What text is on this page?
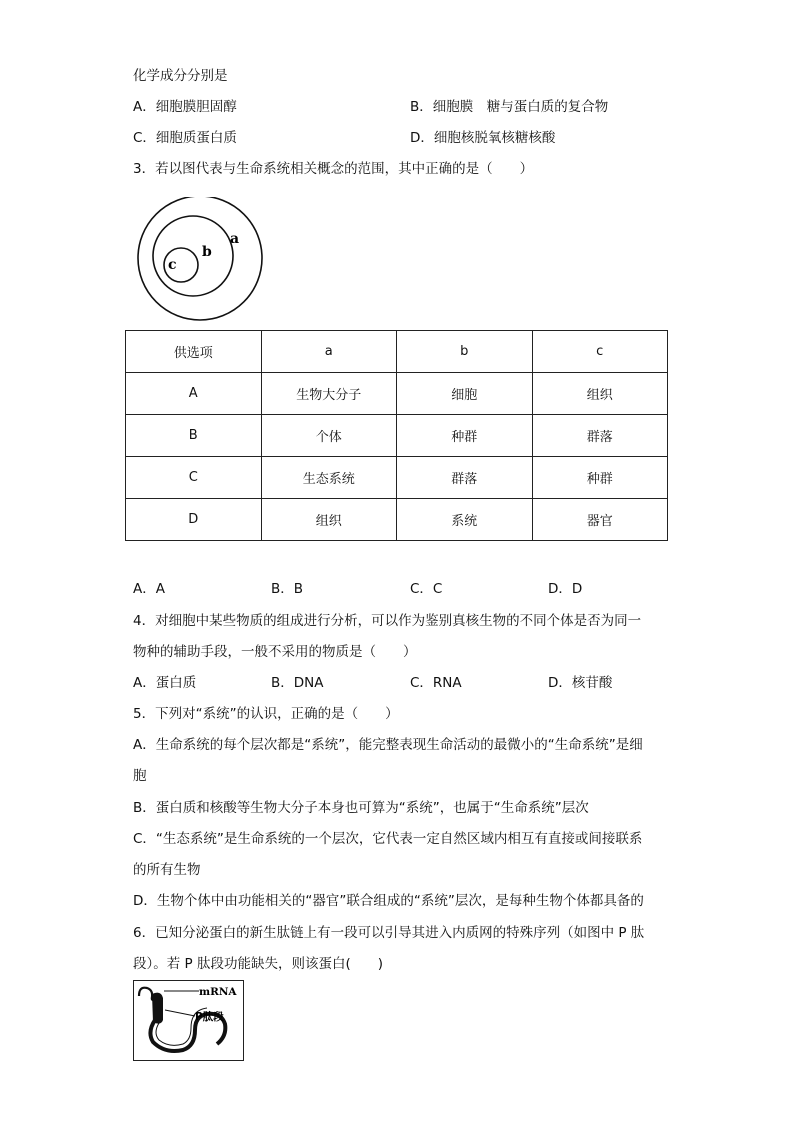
化学成分分别是
A．细胞膜胆固醇	B．细胞膜　糖与蛋白质的复合物
C．细胞质蛋白质	D．细胞核脱氧核糖核酸
3．若以图代表与生命系统相关概念的范围，其中正确的是（　　）
a
b
c
供选项	a	b	c
A	生物大分子	细胞	组织
B	个体	种群	群落
C	生态系统	群落	种群
D	组织	系统	器官
A．A	B．B	C．C	D．D
4．对细胞中某些物质的组成进行分析，可以作为鉴别真核生物的不同个体是否为同一
物种的辅助手段，一般不采用的物质是（　　）
A．蛋白质	B．DNA	C．RNA	D．核苷酸
5．下列对“系统”的认识，正确的是（　　）
A．生命系统的每个层次都是“系统”，能完整表现生命活动的最微小的“生命系统”是细
胞
B．蛋白质和核酸等生物大分子本身也可算为“系统”，也属于“生命系统”层次
C．“生态系统”是生命系统的一个层次，它代表一定自然区域内相互有直接或间接联系
的所有生物
D．生物个体中由功能相关的“器官”联合组成的“系统”层次，是每种生物个体都具备的
6．已知分泌蛋白的新生肽链上有一段可以引导其进入内质网的特殊序列（如图中 P 肽
段）。若 P 肽段功能缺失，则该蛋白(　　)
mRNA
P肽段
